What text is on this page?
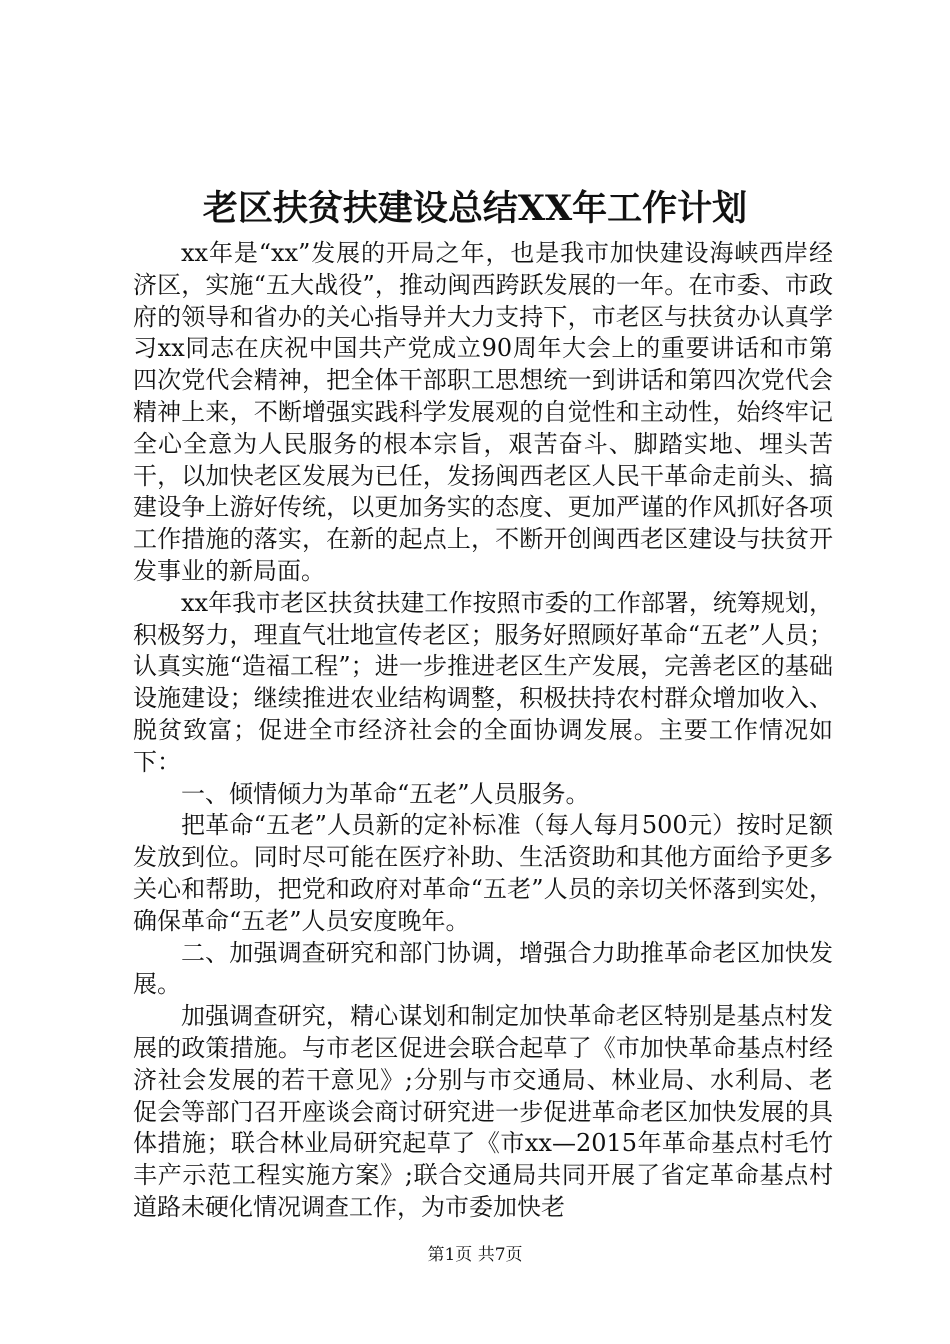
老区扶贫扶建设总结XX年工作计划

xx年是“xx”发展的开局之年，也是我市加快建设海峡西岸经济区，实施“五大战役”，推动闽西跨跃发展的一年。在市委、市政府的领导和省办的关心指导并大力支持下，市老区与扶贫办认真学习xx同志在庆祝中国共产党成立90周年大会上的重要讲话和市第四次党代会精神，把全体干部职工思想统一到讲话和第四次党代会精神上来，不断增强实践科学发展观的自觉性和主动性，始终牢记全心全意为人民服务的根本宗旨，艰苦奋斗、脚踏实地、埋头苦干，以加快老区发展为已任，发扬闽西老区人民干革命走前头、搞建设争上游好传统，以更加务实的态度、更加严谨的作风抓好各项工作措施的落实，在新的起点上，不断开创闽西老区建设与扶贫开发事业的新局面。

xx年我市老区扶贫扶建工作按照市委的工作部署，统筹规划，积极努力，理直气壮地宣传老区；服务好照顾好革命“五老”人员；认真实施“造福工程”；进一步推进老区生产发展，完善老区的基础设施建设；继续推进农业结构调整，积极扶持农村群众增加收入、脱贫致富；促进全市经济社会的全面协调发展。主要工作情况如下：

一、倾情倾力为革命“五老”人员服务。

把革命“五老”人员新的定补标准（每人每月500元）按时足额发放到位。同时尽可能在医疗补助、生活资助和其他方面给予更多关心和帮助，把党和政府对革命“五老”人员的亲切关怀落到实处，确保革命“五老”人员安度晚年。

二、加强调查研究和部门协调，增强合力助推革命老区加快发展。

加强调查研究，精心谋划和制定加快革命老区特别是基点村发展的政策措施。与市老区促进会联合起草了《市加快革命基点村经济社会发展的若干意见》;分别与市交通局、林业局、水利局、老促会等部门召开座谈会商讨研究进一步促进革命老区加快发展的具体措施；联合林业局研究起草了《市xx—2015年革命基点村毛竹丰产示范工程实施方案》;联合交通局共同开展了省定革命基点村道路未硬化情况调查工作，为市委加快老

第1页 共7页
